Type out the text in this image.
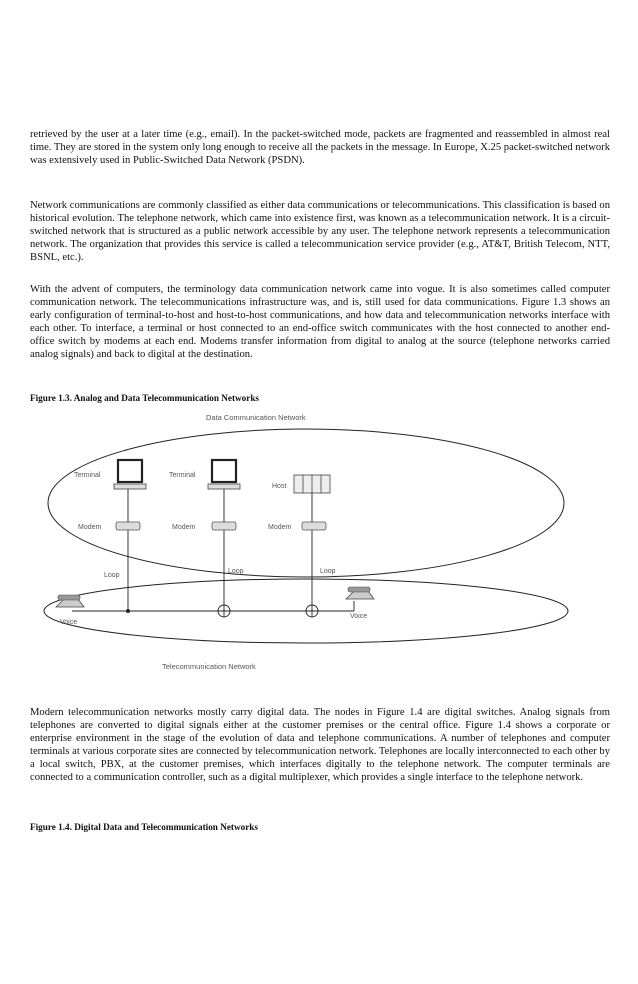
retrieved by the user at a later time (e.g., email). In the packet-switched mode, packets are fragmented and reassembled in almost real time. They are stored in the system only long enough to receive all the packets in the message. In Europe, X.25 packet-switched network was extensively used in Public-Switched Data Network (PSDN).

Network communications are commonly classified as either data communications or telecommunications. This classification is based on historical evolution. The telephone network, which came into existence first, was known as a telecommunication network. It is a circuit-switched network that is structured as a public network accessible by any user. The telephone network represents a telecommunication network. The organization that provides this service is called a telecommunication service provider (e.g., AT&T, British Telecom, NTT, BSNL, etc.).

With the advent of computers, the terminology data communication network came into vogue. It is also sometimes called computer communication network. The telecommunications infrastructure was, and is, still used for data communications. Figure 1.3 shows an early configuration of terminal-to-host and host-to-host communications, and how data and telecommunication networks interface with each other. To interface, a terminal or host connected to an end-office switch communicates with the host connected to another end-office switch by modems at each end. Modems transfer information from digital to analog at the source (telephone networks carried analog signals) and back to digital at the destination.

Figure 1.3. Analog and Data Telecommunication Networks

Data Communication Network
Telecommunication Network
Terminal	Terminal
Host
Modem	Modem	Modem
Loop
Loop	Loop
Voice
Voice

Modern telecommunication networks mostly carry digital data. The nodes in Figure 1.4 are digital switches. Analog signals from telephones are converted to digital signals either at the customer premises or the central office. Figure 1.4 shows a corporate or enterprise environment in the stage of the evolution of data and telephone communications. A number of telephones and computer terminals at various corporate sites are connected by telecommunication network. Telephones are locally interconnected to each other by a local switch, PBX, at the customer premises, which interfaces digitally to the telephone network. The computer terminals are connected to a communication controller, such as a digital multiplexer, which provides a single interface to the telephone network.

Figure 1.4. Digital Data and Telecommunication Networks
